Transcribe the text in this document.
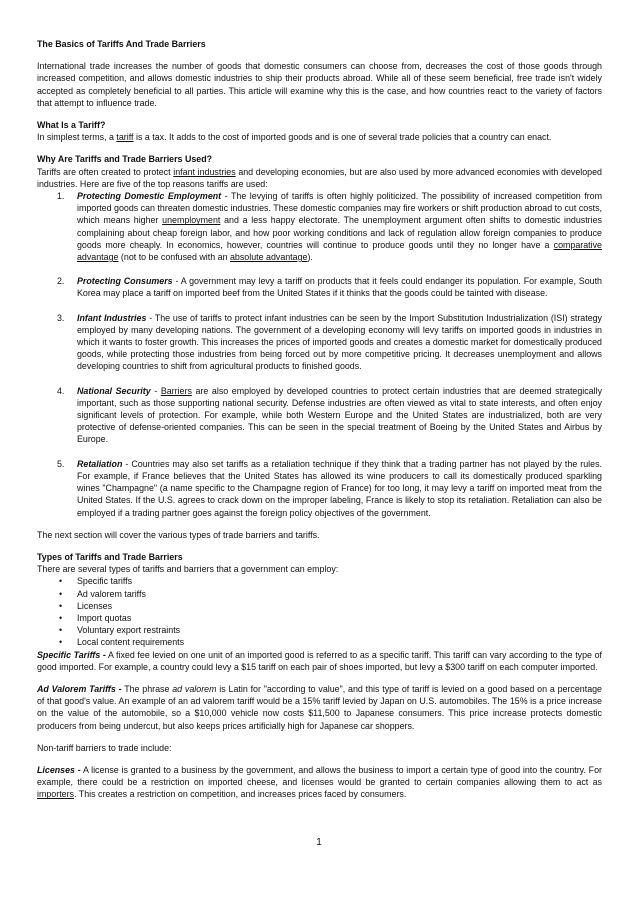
The Basics of Tariffs And Trade Barriers

International trade increases the number of goods that domestic consumers can choose from, decreases the cost of those goods through increased competition, and allows domestic industries to ship their products abroad. While all of these seem beneficial, free trade isn't widely accepted as completely beneficial to all parties. This article will examine why this is the case, and how countries react to the variety of factors that attempt to influence trade.

What Is a Tariff?

In simplest terms, a tariff is a tax. It adds to the cost of imported goods and is one of several trade policies that a country can enact.

Why Are Tariffs and Trade Barriers Used?

Tariffs are often created to protect infant industries and developing economies, but are also used by more advanced economies with developed industries. Here are five of the top reasons tariffs are used:

1. Protecting Domestic Employment - The levying of tariffs is often highly politicized. The possibility of increased competition from imported goods can threaten domestic industries. These domestic companies may fire workers or shift production abroad to cut costs, which means higher unemployment and a less happy electorate. The unemployment argument often shifts to domestic industries complaining about cheap foreign labor, and how poor working conditions and lack of regulation allow foreign companies to produce goods more cheaply. In economics, however, countries will continue to produce goods until they no longer have a comparative advantage (not to be confused with an absolute advantage).
2. Protecting Consumers - A government may levy a tariff on products that it feels could endanger its population. For example, South Korea may place a tariff on imported beef from the United States if it thinks that the goods could be tainted with disease.
3. Infant Industries - The use of tariffs to protect infant industries can be seen by the Import Substitution Industrialization (ISI) strategy employed by many developing nations. The government of a developing economy will levy tariffs on imported goods in industries in which it wants to foster growth. This increases the prices of imported goods and creates a domestic market for domestically produced goods, while protecting those industries from being forced out by more competitive pricing. It decreases unemployment and allows developing countries to shift from agricultural products to finished goods.
4. National Security - Barriers are also employed by developed countries to protect certain industries that are deemed strategically important, such as those supporting national security. Defense industries are often viewed as vital to state interests, and often enjoy significant levels of protection. For example, while both Western Europe and the United States are industrialized, both are very protective of defense-oriented companies. This can be seen in the special treatment of Boeing by the United States and Airbus by Europe.
5. Retaliation - Countries may also set tariffs as a retaliation technique if they think that a trading partner has not played by the rules. For example, if France believes that the United States has allowed its wine producers to call its domestically produced sparkling wines "Champagne" (a name specific to the Champagne region of France) for too long, it may levy a tariff on imported meat from the United States. If the U.S. agrees to crack down on the improper labeling, France is likely to stop its retaliation. Retaliation can also be employed if a trading partner goes against the foreign policy objectives of the government.

The next section will cover the various types of trade barriers and tariffs.

Types of Tariffs and Trade Barriers

There are several types of tariffs and barriers that a government can employ:

• Specific tariffs
• Ad valorem tariffs
• Licenses
• Import quotas
• Voluntary export restraints
• Local content requirements

Specific Tariffs - A fixed fee levied on one unit of an imported good is referred to as a specific tariff. This tariff can vary according to the type of good imported. For example, a country could levy a $15 tariff on each pair of shoes imported, but levy a $300 tariff on each computer imported.

Ad Valorem Tariffs - The phrase ad valorem is Latin for "according to value", and this type of tariff is levied on a good based on a percentage of that good's value. An example of an ad valorem tariff would be a 15% tariff levied by Japan on U.S. automobiles. The 15% is a price increase on the value of the automobile, so a $10,000 vehicle now costs $11,500 to Japanese consumers. This price increase protects domestic producers from being undercut, but also keeps prices artificially high for Japanese car shoppers.

Non-tariff barriers to trade include:

Licenses - A license is granted to a business by the government, and allows the business to import a certain type of good into the country. For example, there could be a restriction on imported cheese, and licenses would be granted to certain companies allowing them to act as importers. This creates a restriction on competition, and increases prices faced by consumers.

1
